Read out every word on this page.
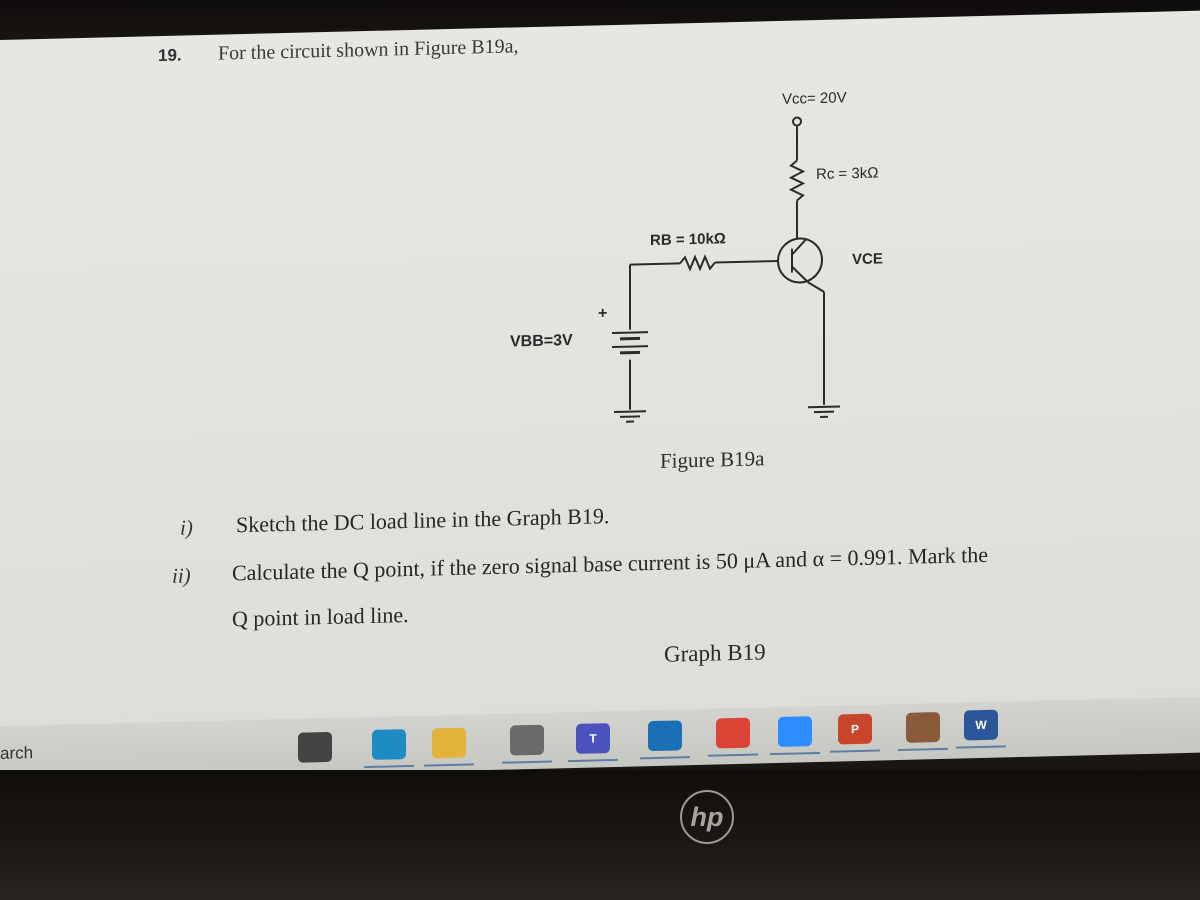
19. For the circuit shown in Figure B19a,
Vcc= 20V
Rc = 3kΩ
RB = 10kΩ
VCE
VBB=3V
+
Figure B19a
i) Sketch the DC load line in the Graph B19.
ii) Calculate the Q point, if the zero signal base current is 50 μA and α = 0.991. Mark the
Q point in load line.
Graph B19
arch
T
P	W
hp
